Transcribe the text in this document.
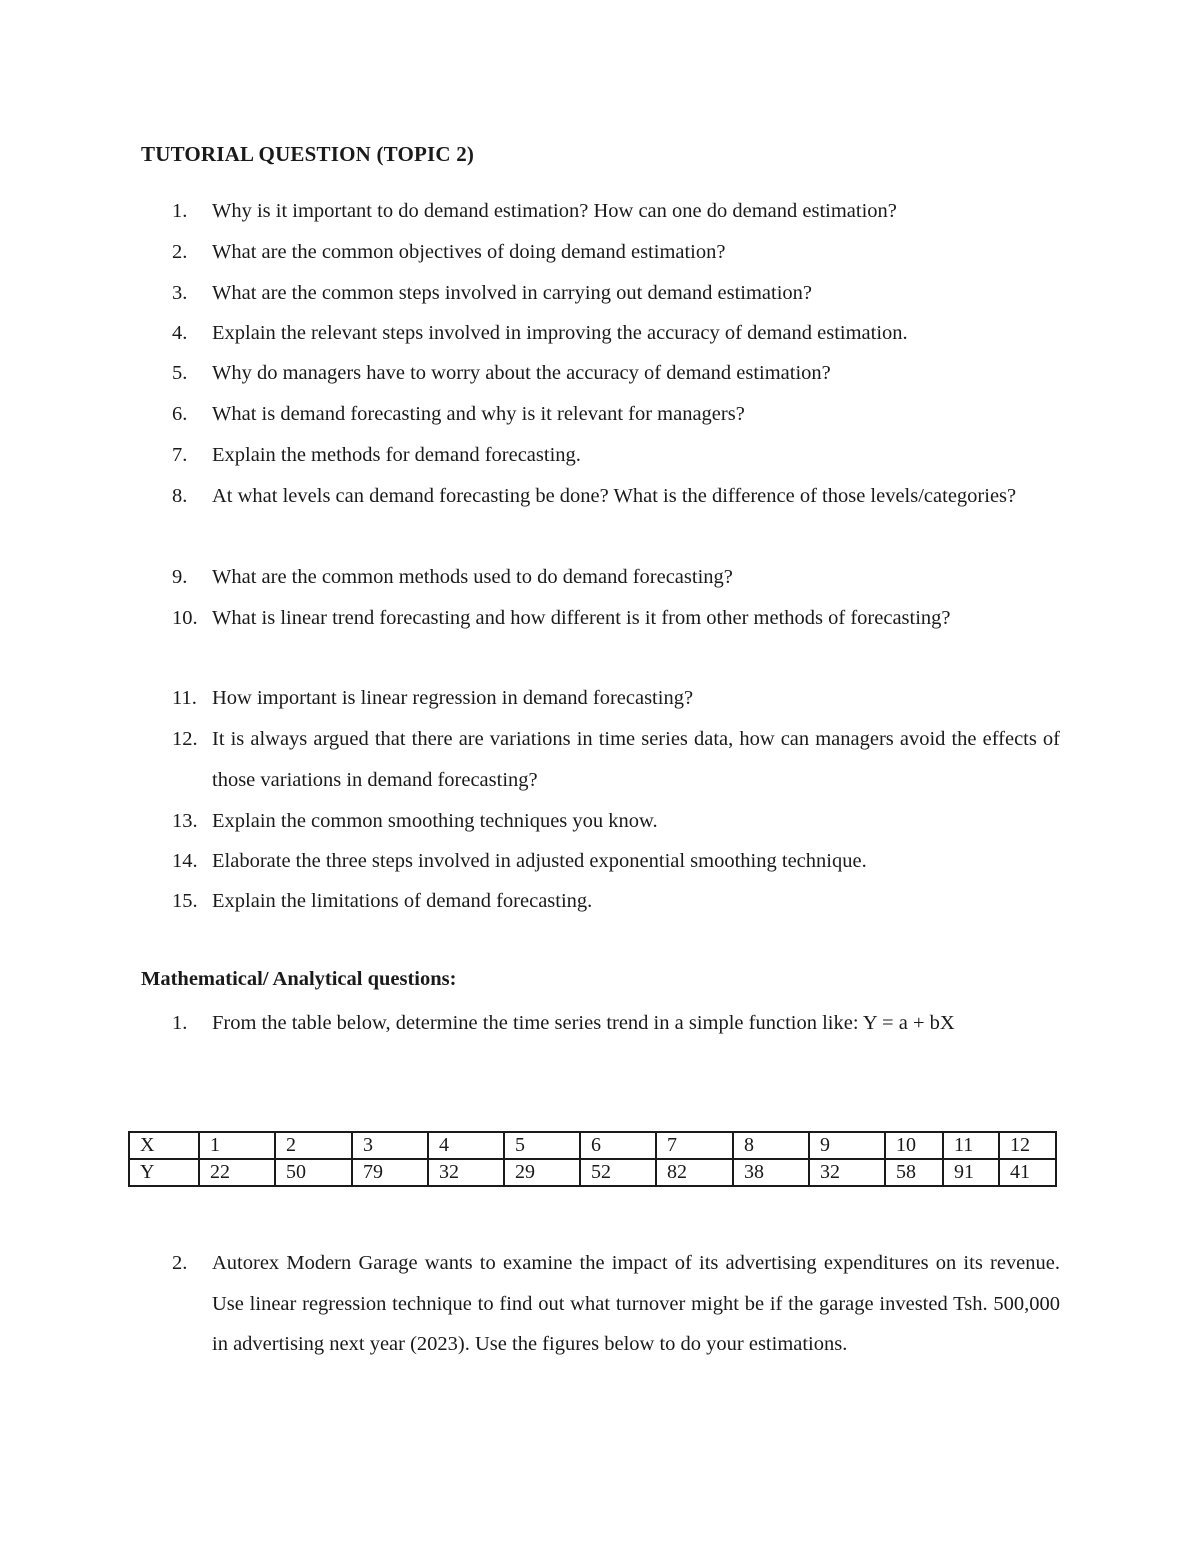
TUTORIAL QUESTION (TOPIC 2)
1.	Why is it important to do demand estimation? How can one do demand estimation?
2.	What are the common objectives of doing demand estimation?
3.	What are the common steps involved in carrying out demand estimation?
4.	Explain the relevant steps involved in improving the accuracy of demand estimation.
5.	Why do managers have to worry about the accuracy of demand estimation?
6.	What is demand forecasting and why is it relevant for managers?
7.	Explain the methods for demand forecasting.
8.	At what levels can demand forecasting be done? What is the difference of those levels/categories?
9.	What are the common methods used to do demand forecasting?
10. What is linear trend forecasting and how different is it from other methods of forecasting?
11. How important is linear regression in demand forecasting?
12. It is always argued that there are variations in time series data, how can managers avoid the effects of those variations in demand forecasting?
13. Explain the common smoothing techniques you know.
14. Elaborate the three steps involved in adjusted exponential smoothing technique.
15. Explain the limitations of demand forecasting.
Mathematical/ Analytical questions:
1.	From the table below, determine the time series trend in a simple function like: Y = a + bX
X	1	2	3	4	5	6	7	8	9	10	11	12
Y	22	50	79	32	29	52	82	38	32	58	91	41
2.	Autorex Modern Garage wants to examine the impact of its advertising expenditures on its revenue. Use linear regression technique to find out what turnover might be if the garage invested Tsh. 500,000 in advertising next year (2023). Use the figures below to do your estimations.
